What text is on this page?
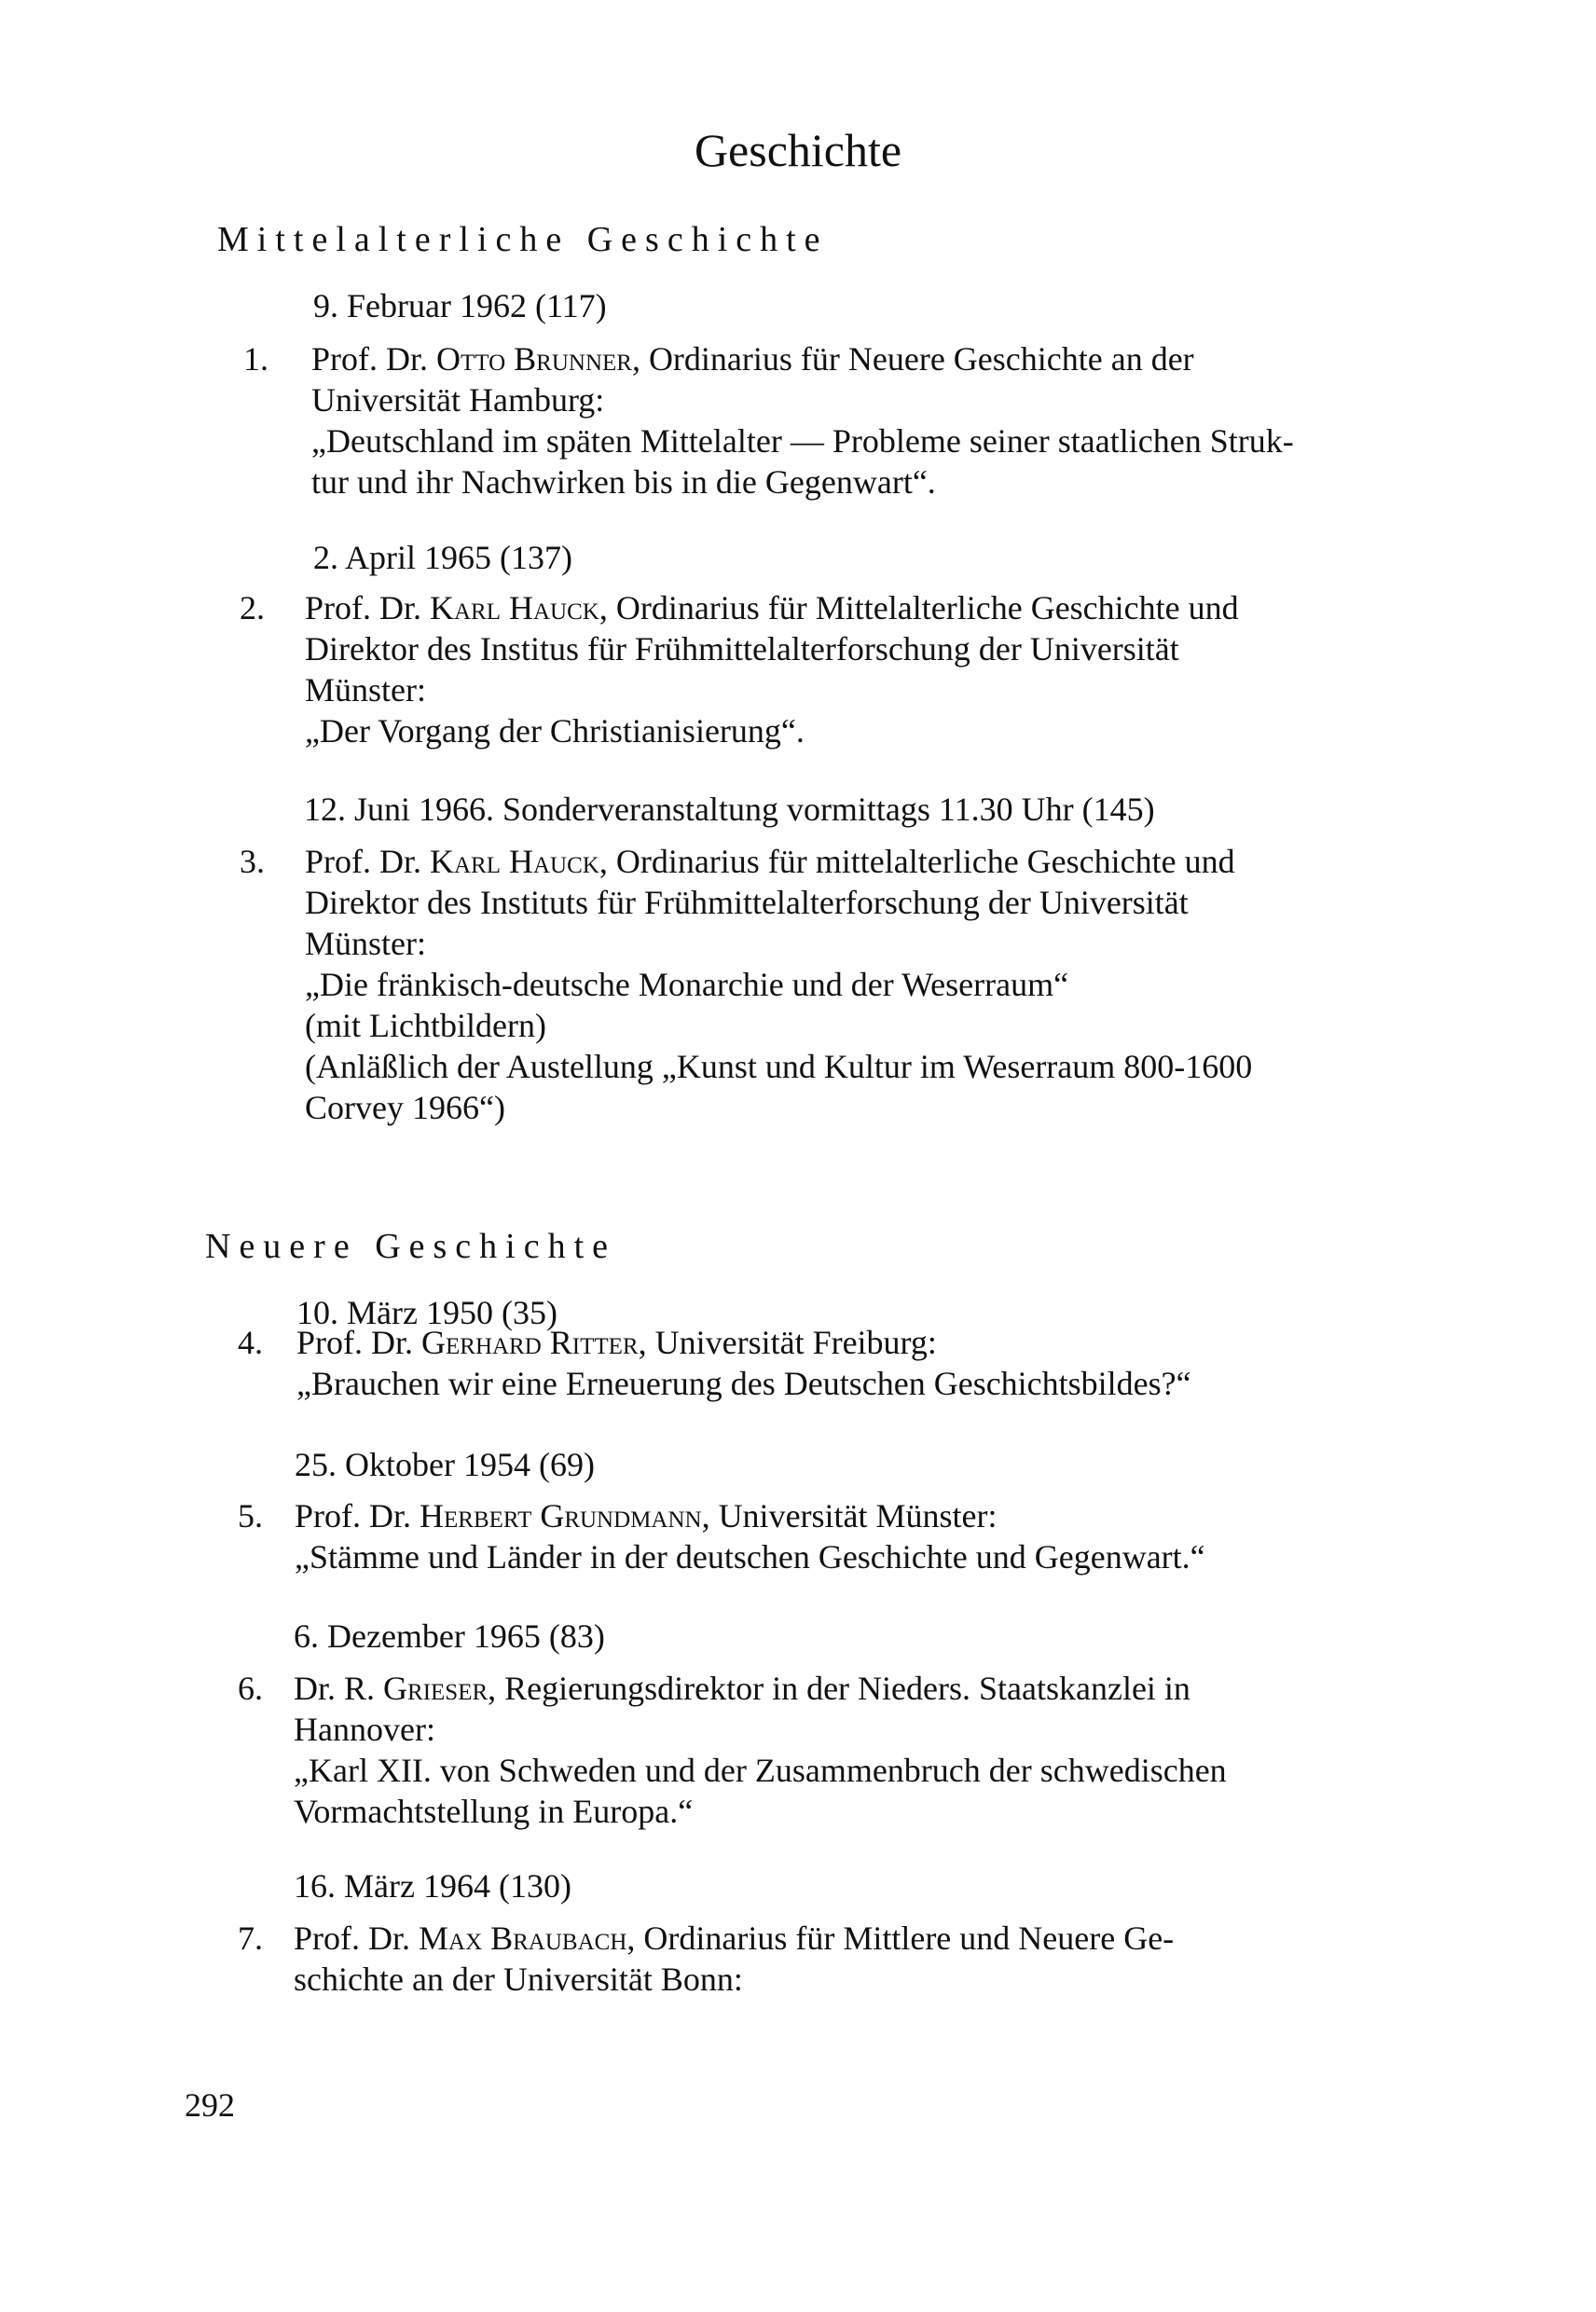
Geschichte
Mittelalterliche Geschichte
Neuere Geschichte
9. Februar 1962 (117)
2. April 1965 (137)
12. Juni 1966. Sonderveranstaltung vormittags 11.30 Uhr (145)
10. März 1950 (35)
25. Oktober 1954 (69)
6. Dezember 1965 (83)
16. März 1964 (130)
1. Prof. Dr. Otto Brunner, Ordinarius für Neuere Geschichte an der
Universität Hamburg:
„Deutschland im späten Mittelalter — Probleme seiner staatlichen Struk-
tur und ihr Nachwirken bis in die Gegenwart“.
2. Prof. Dr. Karl Hauck, Ordinarius für Mittelalterliche Geschichte und
Direktor des Institus für Frühmittelalterforschung der Universität
Münster:
„Der Vorgang der Christianisierung“.
3. Prof. Dr. Karl Hauck, Ordinarius für mittelalterliche Geschichte und
Direktor des Instituts für Frühmittelalterforschung der Universität
Münster:
„Die fränkisch-deutsche Monarchie und der Weserraum“
(mit Lichtbildern)
(Anläßlich der Austellung „Kunst und Kultur im Weserraum 800-1600
Corvey 1966“)
4. Prof. Dr. Gerhard Ritter, Universität Freiburg:
„Brauchen wir eine Erneuerung des Deutschen Geschichtsbildes?“
5. Prof. Dr. Herbert Grundmann, Universität Münster:
„Stämme und Länder in der deutschen Geschichte und Gegenwart.“
6. Dr. R. Grieser, Regierungsdirektor in der Nieders. Staatskanzlei in
Hannover:
„Karl XII. von Schweden und der Zusammenbruch der schwedischen
Vormachtstellung in Europa.“
7. Prof. Dr. Max Braubach, Ordinarius für Mittlere und Neuere Ge-
schichte an der Universität Bonn:
292
